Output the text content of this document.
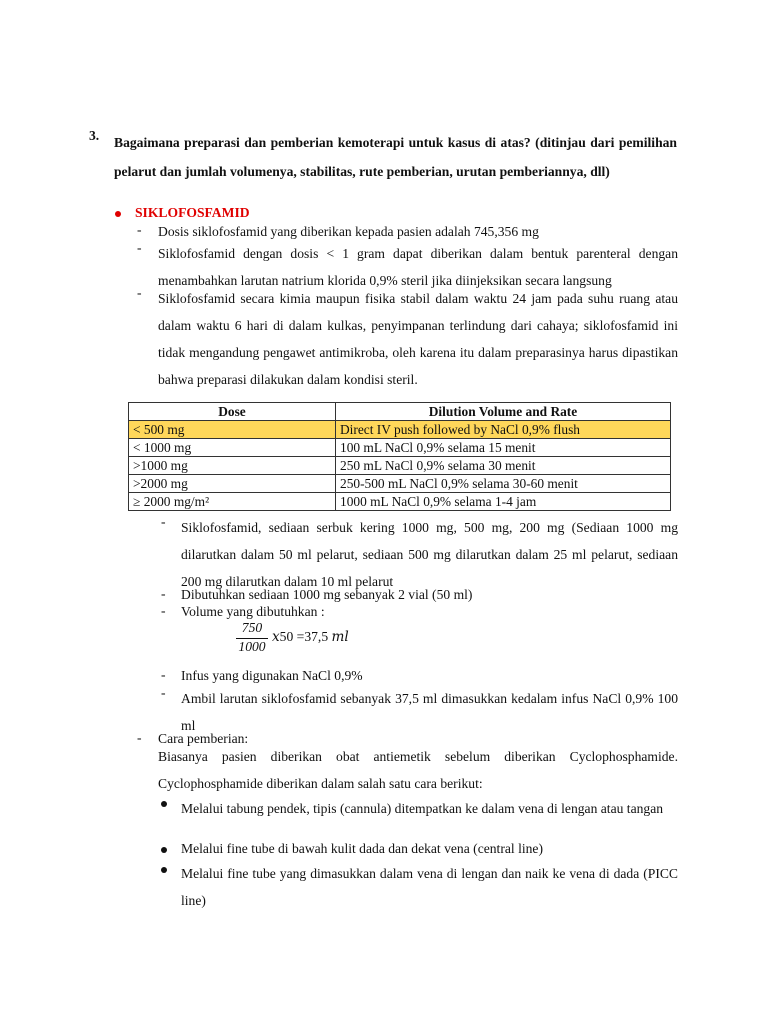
3. Bagaimana preparasi dan pemberian kemoterapi untuk kasus di atas? (ditinjau dari pemilihan pelarut dan jumlah volumenya, stabilitas, rute pemberian, urutan pemberiannya, dll)
SIKLOFOSFAMID
- Dosis siklofosfamid yang diberikan kepada pasien adalah 745,356 mg
- Siklofosfamid dengan dosis < 1 gram dapat diberikan dalam bentuk parenteral dengan menambahkan larutan natrium klorida 0,9% steril jika diinjeksikan secara langsung
- Siklofosfamid secara kimia maupun fisika stabil dalam waktu 24 jam pada suhu ruang atau dalam waktu 6 hari di dalam kulkas, penyimpanan terlindung dari cahaya; siklofosfamid ini tidak mengandung pengawet antimikroba, oleh karena itu dalam preparasinya harus dipastikan bahwa preparasi dilakukan dalam kondisi steril.
Dose	Dilution Volume and Rate
< 500 mg	Direct IV push followed by NaCl 0,9% flush
< 1000 mg	100 mL NaCl 0,9% selama 15 menit
>1000 mg	250 mL NaCl 0,9% selama 30 menit
>2000 mg	250-500 mL NaCl 0,9% selama 30-60 menit
≥ 2000 mg/m²	1000 mL NaCl 0,9% selama 1-4 jam
- Siklofosfamid, sediaan serbuk kering 1000 mg, 500 mg, 200 mg (Sediaan 1000 mg dilarutkan dalam 50 ml pelarut, sediaan 500 mg dilarutkan dalam 25 ml pelarut, sediaan 200 mg dilarutkan dalam 10 ml pelarut
- Dibutuhkan sediaan 1000 mg sebanyak 2 vial (50 ml)
- Volume yang dibutuhkan :
750
1000
𝑥50 =37,5 𝑚𝑙
- Infus yang digunakan NaCl 0,9%
- Ambil larutan siklofosfamid sebanyak 37,5 ml dimasukkan kedalam infus NaCl 0,9% 100 ml
- Cara pemberian:
Biasanya pasien diberikan obat antiemetik sebelum diberikan Cyclophosphamide.
Cyclophosphamide diberikan dalam salah satu cara berikut:
Melalui tabung pendek, tipis (cannula) ditempatkan ke dalam vena di lengan atau tangan
Melalui fine tube di bawah kulit dada dan dekat vena (central line)
Melalui fine tube yang dimasukkan dalam vena di lengan dan naik ke vena di dada (PICC line)
